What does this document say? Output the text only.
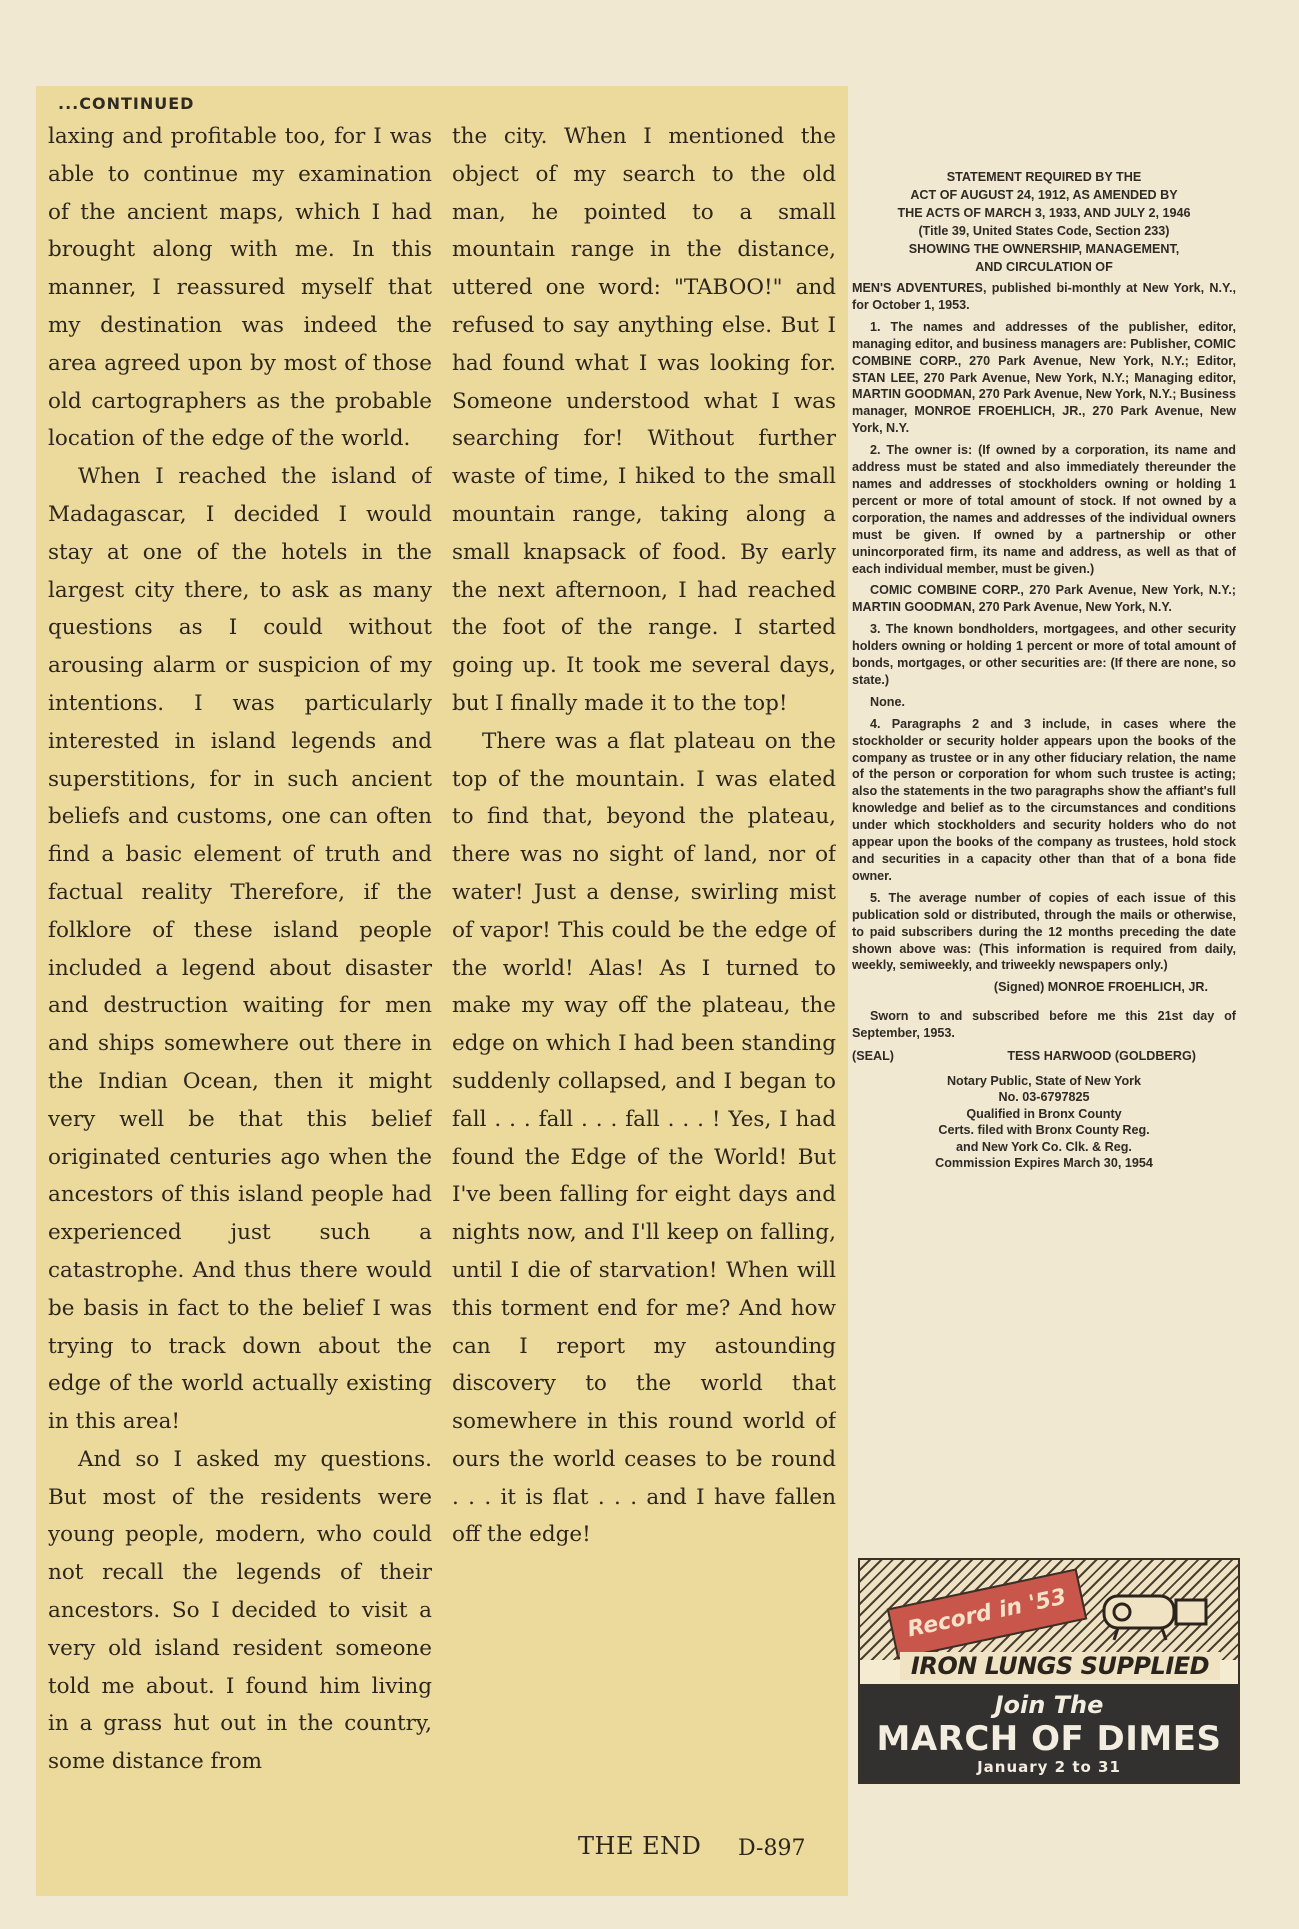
...CONTINUED

laxing and profitable too, for I was able to continue my examination of the ancient maps, which I had brought along with me. In this manner, I reassured myself that my destination was indeed the area agreed upon by most of those old cartographers as the probable location of the edge of the world.

When I reached the island of Madagascar, I decided I would stay at one of the hotels in the largest city there, to ask as many questions as I could without arousing alarm or suspicion of my intentions. I was particularly interested in island legends and superstitions, for in such ancient beliefs and customs, one can often find a basic element of truth and factual reality Therefore, if the folklore of these island people included a legend about disaster and destruction waiting for men and ships somewhere out there in the Indian Ocean, then it might very well be that this belief originated centuries ago when the ancestors of this island people had experienced just such a catastrophe. And thus there would be basis in fact to the belief I was trying to track down about the edge of the world actually existing in this area!

And so I asked my questions. But most of the residents were young people, modern, who could not recall the legends of their ancestors. So I decided to visit a very old island resident someone told me about. I found him living in a grass hut out in the country, some distance from

the city. When I mentioned the object of my search to the old man, he pointed to a small mountain range in the distance, uttered one word: "TABOO!" and refused to say anything else. But I had found what I was looking for. Someone understood what I was searching for! Without further waste of time, I hiked to the small mountain range, taking along a small knapsack of food. By early the next afternoon, I had reached the foot of the range. I started going up. It took me several days, but I finally made it to the top!

There was a flat plateau on the top of the mountain. I was elated to find that, beyond the plateau, there was no sight of land, nor of water! Just a dense, swirling mist of vapor! This could be the edge of the world! Alas! As I turned to make my way off the plateau, the edge on which I had been standing suddenly collapsed, and I began to fall . . . fall . . . fall . . . ! Yes, I had found the Edge of the World! But I've been falling for eight days and nights now, and I'll keep on falling, until I die of starvation! When will this torment end for me? And how can I report my astounding discovery to the world that somewhere in this round world of ours the world ceases to be round . . . it is flat . . . and I have fallen off the edge!

THE END D-897
STATEMENT REQUIRED BY THE
ACT OF AUGUST 24, 1912, AS AMENDED BY
THE ACTS OF MARCH 3, 1933, AND JULY 2, 1946
(Title 39, United States Code, Section 233)
SHOWING THE OWNERSHIP, MANAGEMENT,
AND CIRCULATION OF

MEN'S ADVENTURES, published bi-monthly at New York, N.Y., for October 1, 1953.

1. The names and addresses of the publisher, editor, managing editor, and business managers are: Publisher, COMIC COMBINE CORP., 270 Park Avenue, New York, N.Y.; Editor, STAN LEE, 270 Park Avenue, New York, N.Y.; Managing editor, MARTIN GOODMAN, 270 Park Avenue, New York, N.Y.; Business manager, MONROE FROEHLICH, JR., 270 Park Avenue, New York, N.Y.

2. The owner is: (If owned by a corporation, its name and address must be stated and also immediately thereunder the names and addresses of stockholders owning or holding 1 percent or more of total amount of stock. If not owned by a corporation, the names and addresses of the individual owners must be given. If owned by a partnership or other unincorporated firm, its name and address, as well as that of each individual member, must be given.)

COMIC COMBINE CORP., 270 Park Avenue, New York, N.Y.; MARTIN GOODMAN, 270 Park Avenue, New York, N.Y.

3. The known bondholders, mortgagees, and other security holders owning or holding 1 percent or more of total amount of bonds, mortgages, or other securities are: (If there are none, so state.)

None.

4. Paragraphs 2 and 3 include, in cases where the stockholder or security holder appears upon the books of the company as trustee or in any other fiduciary relation, the name of the person or corporation for whom such trustee is acting; also the statements in the two paragraphs show the affiant's full knowledge and belief as to the circumstances and conditions under which stockholders and security holders who do not appear upon the books of the company as trustees, hold stock and securities in a capacity other than that of a bona fide owner.

5. The average number of copies of each issue of this publication sold or distributed, through the mails or otherwise, to paid subscribers during the 12 months preceding the date shown above was: (This information is required from daily, weekly, semiweekly, and triweekly newspapers only.)

(Signed) MONROE FROEHLICH, JR.

Sworn to and subscribed before me this 21st day of September, 1953.

(SEAL)	TESS HARWOOD (GOLDBERG)
Notary Public, State of New York
No. 03-6797825
Qualified in Bronx County
Certs. filed with Bronx County Reg.
and New York Co. Clk. & Reg.
Commission Expires March 30, 1954
Record in '53
IRON LUNGS SUPPLIED
Join The
MARCH OF DIMES
January 2 to 31
